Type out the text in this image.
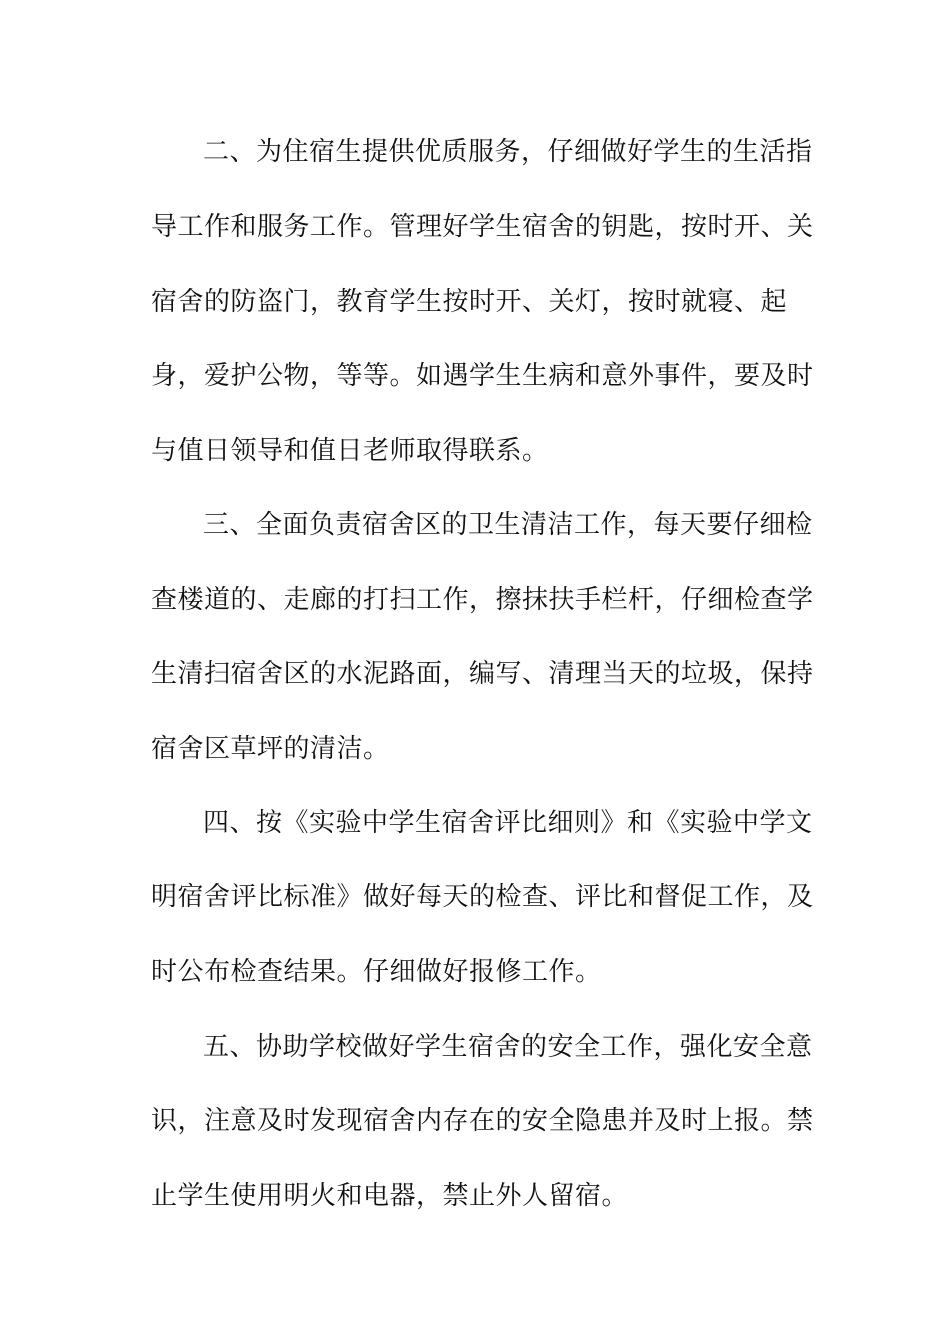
二、为住宿生提供优质服务，仔细做好学生的生活指
导工作和服务工作。管理好学生宿舍的钥匙，按时开、关
宿舍的防盗门，教育学生按时开、关灯，按时就寝、起
身，爱护公物，等等。如遇学生生病和意外事件，要及时
与值日领导和值日老师取得联系。
三、全面负责宿舍区的卫生清洁工作，每天要仔细检
查楼道的、走廊的打扫工作，擦抹扶手栏杆，仔细检查学
生清扫宿舍区的水泥路面，编写、清理当天的垃圾，保持
宿舍区草坪的清洁。
四、按《实验中学生宿舍评比细则》和《实验中学文
明宿舍评比标准》做好每天的检查、评比和督促工作，及
时公布检查结果。仔细做好报修工作。
五、协助学校做好学生宿舍的安全工作，强化安全意
识，注意及时发现宿舍内存在的安全隐患并及时上报。禁
止学生使用明火和电器，禁止外人留宿。
